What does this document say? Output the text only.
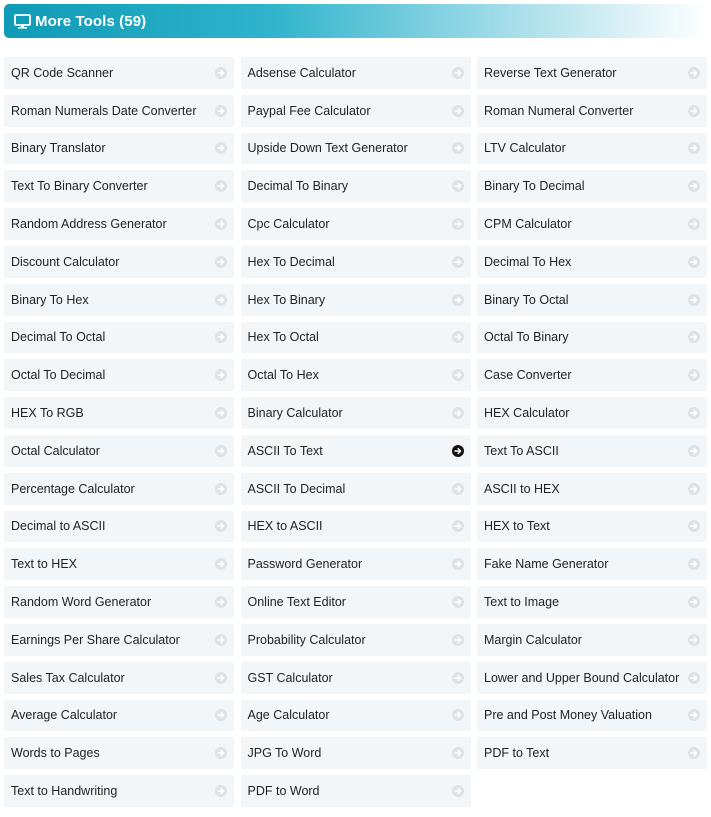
More Tools (59)
QR Code Scanner	Adsense Calculator	Reverse Text Generator
Roman Numerals Date Converter	Paypal Fee Calculator	Roman Numeral Converter
Binary Translator	Upside Down Text Generator	LTV Calculator
Text To Binary Converter	Decimal To Binary	Binary To Decimal
Random Address Generator	Cpc Calculator	CPM Calculator
Discount Calculator	Hex To Decimal	Decimal To Hex
Binary To Hex	Hex To Binary	Binary To Octal
Decimal To Octal	Hex To Octal	Octal To Binary
Octal To Decimal	Octal To Hex	Case Converter
HEX To RGB	Binary Calculator	HEX Calculator
Octal Calculator	ASCII To Text	Text To ASCII
Percentage Calculator	ASCII To Decimal	ASCII to HEX
Decimal to ASCII	HEX to ASCII	HEX to Text
Text to HEX	Password Generator	Fake Name Generator
Random Word Generator	Online Text Editor	Text to Image
Earnings Per Share Calculator	Probability Calculator	Margin Calculator
Sales Tax Calculator	GST Calculator	Lower and Upper Bound Calculator
Average Calculator	Age Calculator	Pre and Post Money Valuation
Words to Pages	JPG To Word	PDF to Text
Text to Handwriting	PDF to Word
